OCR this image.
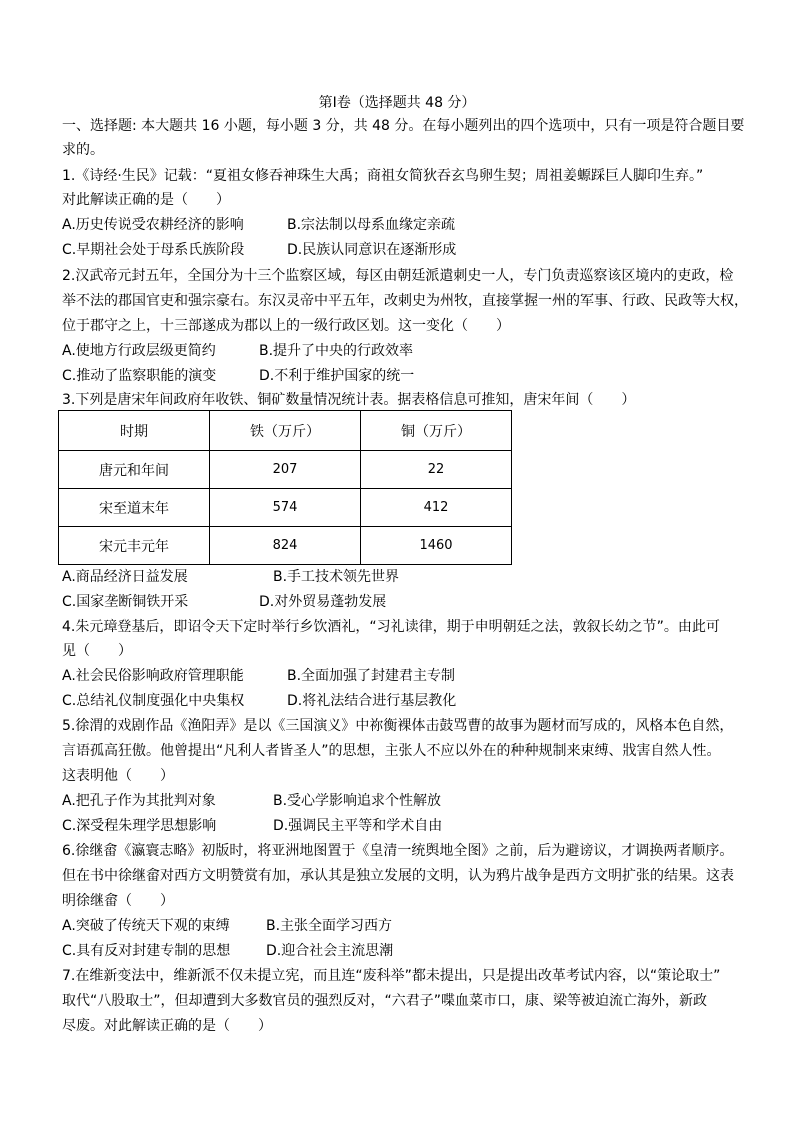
第Ⅰ卷（选择题共 48 分）
一、选择题: 本大题共 16 小题，每小题 3 分，共 48 分。在每小题列出的四个选项中，只有一项是符合题目要
求的。
1.《诗经·生民》记载：“夏祖女修吞神珠生大禹；商祖女简狄吞玄鸟卵生契；周祖姜螈踩巨人脚印生弃。”
对此解读正确的是（　　）
A.历史传说受农耕经济的影响	B.宗法制以母系血缘定亲疏
C.早期社会处于母系氏族阶段	D.民族认同意识在逐渐形成
2.汉武帝元封五年，全国分为十三个监察区域，每区由朝廷派遣刺史一人，专门负责巡察该区境内的吏政，检
举不法的郡国官吏和强宗豪右。东汉灵帝中平五年，改刺史为州牧，直接掌握一州的军事、行政、民政等大权，
位于郡守之上，十三部遂成为郡以上的一级行政区划。这一变化（　　）
A.使地方行政层级更简约	B.提升了中央的行政效率
C.推动了监察职能的演变	D.不利于维护国家的统一
3.下列是唐宋年间政府年收铁、铜矿数量情况统计表。据表格信息可推知，唐宋年间（　　）
时期	铁（万斤）	铜（万斤）
唐元和年间	207	22
宋至道末年	574	412
宋元丰元年	824	1460
A.商品经济日益发展	B.手工技术领先世界
C.国家垄断铜铁开采	D.对外贸易蓬勃发展
4.朱元璋登基后，即诏令天下定时举行乡饮酒礼，“习礼读律，期于申明朝廷之法，敦叙长幼之节”。由此可
见（　　）
A.社会民俗影响政府管理职能	B.全面加强了封建君主专制
C.总结礼仪制度强化中央集权	D.将礼法结合进行基层教化
5.徐渭的戏剧作品《渔阳弄》是以《三国演义》中祢衡裸体击鼓骂曹的故事为题材而写成的，风格本色自然，
言语孤高狂傲。他曾提出“凡利人者皆圣人”的思想，主张人不应以外在的种种规制来束缚、戕害自然人性。
这表明他（　　）
A.把孔子作为其批判对象	B.受心学影响追求个性解放
C.深受程朱理学思想影响	D.强调民主平等和学术自由
6.徐继畲《瀛寰志略》初版时，将亚洲地图置于《皇清一统舆地全图》之前，后为避谤议，才调换两者顺序。
但在书中徐继畲对西方文明赞赏有加，承认其是独立发展的文明，认为鸦片战争是西方文明扩张的结果。这表
明徐继畲（　　）
A.突破了传统天下观的束缚	B.主张全面学习西方
C.具有反对封建专制的思想	D.迎合社会主流思潮
7.在维新变法中，维新派不仅未提立宪，而且连“废科举”都未提出，只是提出改革考试内容，以“策论取士”
取代“八股取士”，但却遭到大多数官员的强烈反对，“六君子”喋血菜市口，康、梁等被迫流亡海外，新政
尽废。对此解读正确的是（　　）
